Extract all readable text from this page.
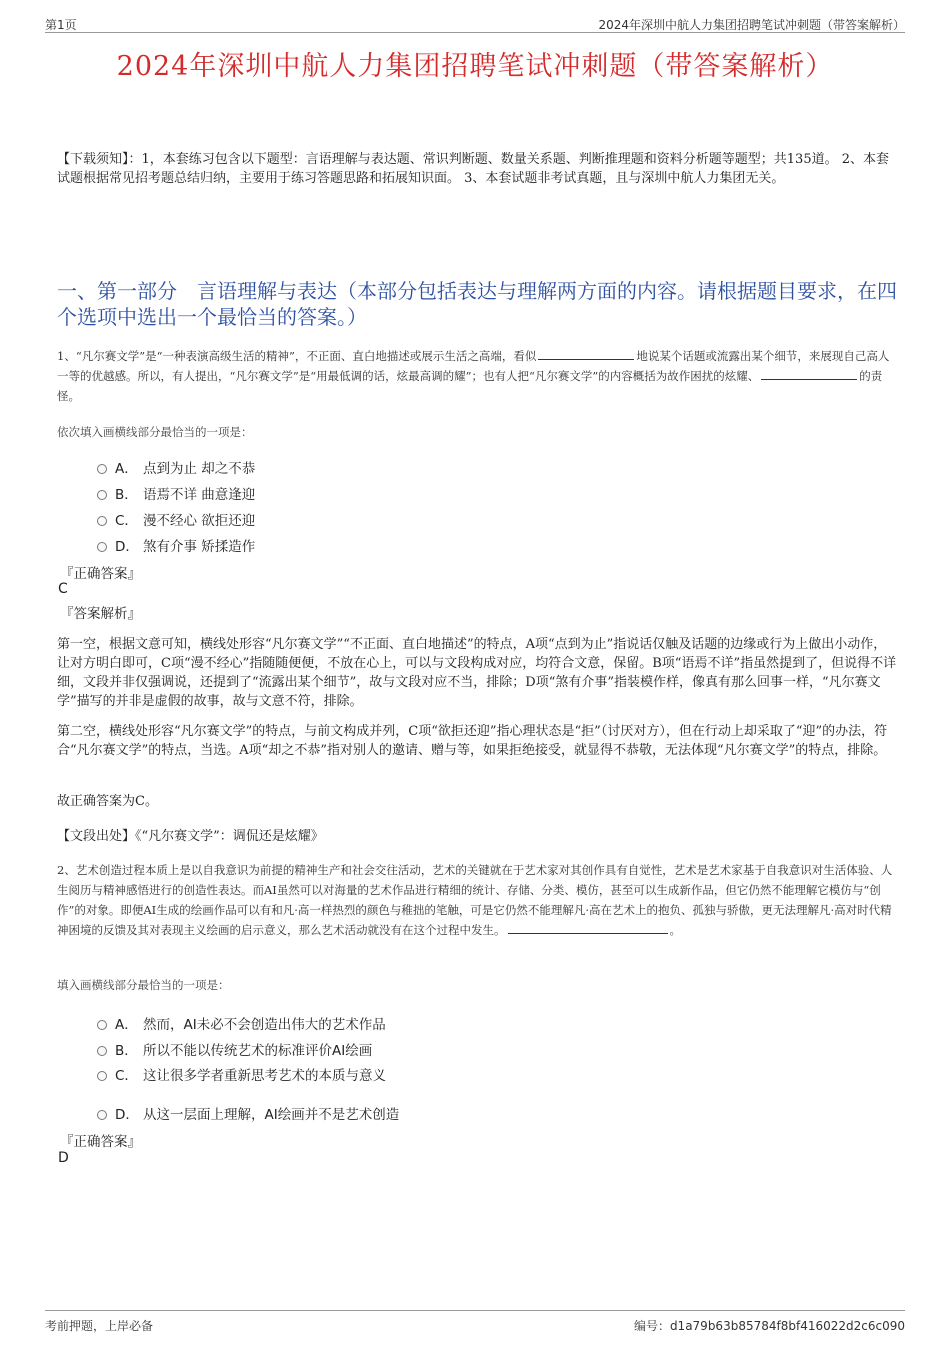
第1页	2024年深圳中航人力集团招聘笔试冲刺题（带答案解析）
2024年深圳中航人力集团招聘笔试冲刺题（带答案解析）
【下载须知】：1，本套练习包含以下题型：言语理解与表达题、常识判断题、数量关系题、判断推理题和资料分析题等题型；共135道。 2、本套试题根据常见招考题总结归纳，主要用于练习答题思路和拓展知识面。 3、本套试题非考试真题，且与深圳中航人力集团无关。
一、第一部分　言语理解与表达（本部分包括表达与理解两方面的内容。请根据题目要求，在四个选项中选出一个最恰当的答案。）
1、“凡尔赛文学”是“一种表演高级生活的精神”，不正面、直白地描述或展示生活之高端，看似	地说某个话题或流露出某个细节，来展现自己高人一等的优越感。所以，有人提出，“凡尔赛文学”是“用最低调的话，炫最高调的耀”；也有人把“凡尔赛文学”的内容概括为故作困扰的炫耀、	的责怪。
依次填入画横线部分最恰当的一项是：
A． 点到为止 却之不恭
B． 语焉不详 曲意逢迎
C． 漫不经心 欲拒还迎
D． 煞有介事 矫揉造作
『正确答案』
C
『答案解析』
第一空，根据文意可知，横线处形容“凡尔赛文学”“不正面、直白地描述”的特点，A项“点到为止”指说话仅触及话题的边缘或行为上做出小动作，让对方明白即可，C项“漫不经心”指随随便便，不放在心上，可以与文段构成对应，均符合文意，保留。B项“语焉不详”指虽然提到了，但说得不详细，文段并非仅强调说，还提到了“流露出某个细节”，故与文段对应不当，排除；D项“煞有介事”指装模作样，像真有那么回事一样，“凡尔赛文学”描写的并非是虚假的故事，故与文意不符，排除。
第二空，横线处形容“凡尔赛文学”的特点，与前文构成并列，C项“欲拒还迎”指心理状态是“拒”（讨厌对方），但在行动上却采取了“迎”的办法，符合“凡尔赛文学”的特点，当选。A项“却之不恭”指对别人的邀请、赠与等，如果拒绝接受，就显得不恭敬，无法体现“凡尔赛文学”的特点，排除。
故正确答案为C。
【文段出处】《“凡尔赛文学”：调侃还是炫耀》
2、艺术创造过程本质上是以自我意识为前提的精神生产和社会交往活动，艺术的关键就在于艺术家对其创作具有自觉性，艺术是艺术家基于自我意识对生活体验、人生阅历与精神感悟进行的创造性表达。而AI虽然可以对海量的艺术作品进行精细的统计、存储、分类、模仿，甚至可以生成新作品，但它仍然不能理解它模仿与“创作”的对象。即便AI生成的绘画作品可以有和凡·高一样热烈的颜色与稚拙的笔触，可是它仍然不能理解凡·高在艺术上的抱负、孤独与骄傲，更无法理解凡·高对时代精神困境的反馈及其对表现主义绘画的启示意义，那么艺术活动就没有在这个过程中发生。	。
填入画横线部分最恰当的一项是：
A． 然而，AI未必不会创造出伟大的艺术作品
B． 所以不能以传统艺术的标准评价AI绘画
C． 这让很多学者重新思考艺术的本质与意义
D． 从这一层面上理解，AI绘画并不是艺术创造
『正确答案』
D
考前押题，上岸必备	编号：d1a79b63b85784f8bf416022d2c6c090
